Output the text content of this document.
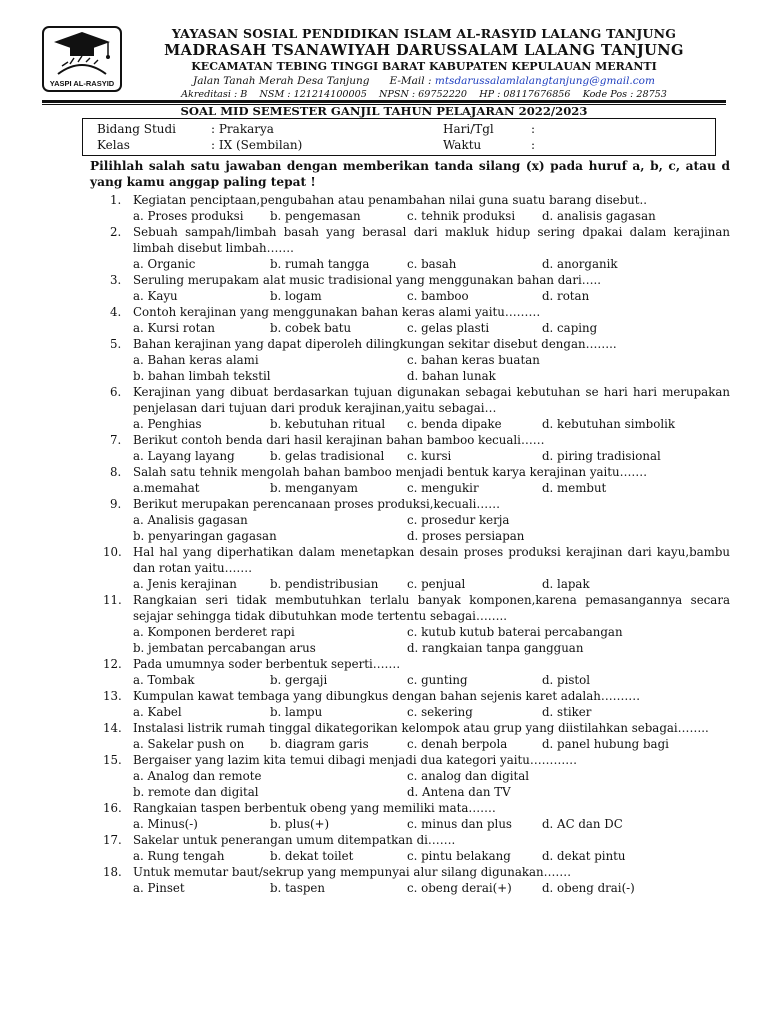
YASPI AL-RASYID
YAYASAN SOSIAL PENDIDIKAN ISLAM AL-RASYID LALANG TANJUNG
MADRASAH TSANAWIYAH DARUSSALAM LALANG TANJUNG
KECAMATAN TEBING TINGGI BARAT KABUPATEN KEPULAUAN MERANTI
Jalan Tanah Merah Desa Tanjung E-Mail : mtsdarussalamlalangtanjung@gmail.com
Akreditasi : B    NSM : 121214100005    NPSN : 69752220    HP : 08117676856    Kode Pos : 28753
SOAL MID SEMESTER GANJIL TAHUN PELAJARAN 2022/2023
Bidang Studi	: Prakarya	Hari/Tgl	:
Kelas	: IX (Sembilan)	Waktu	:
Pilihlah salah satu jawaban dengan memberikan tanda silang (x) pada huruf a, b, c, atau d yang kamu anggap paling tepat !
1. Kegiatan penciptaan,pengubahan atau penambahan nilai guna suatu barang disebut..
a. Proses produksi b. pengemasan	c. tehnik produksi d. analisis gagasan
2. Sebuah sampah/limbah basah yang berasal dari makluk hidup sering dpakai dalam kerajinan limbah disebut limbah…….
a. Organic	b. rumah tangga	c. basah	d. anorganik
3. Seruling merupakam alat music tradisional yang menggunakan bahan dari…..
a. Kayu	b. logam	c. bamboo	d. rotan
4. Contoh kerajinan yang menggunakan bahan keras alami yaitu………
a. Kursi rotan	b. cobek batu	c. gelas plasti	d. caping
5. Bahan kerajinan yang dapat diperoleh dilingkungan sekitar disebut dengan……..
a. Bahan keras alami	c. bahan keras buatan
b. bahan limbah tekstil	d. bahan lunak
6. Kerajinan yang dibuat berdasarkan tujuan digunakan sebagai kebutuhan se hari hari merupakan penjelasan dari tujuan dari produk kerajinan,yaitu sebagai…
a. Penghias	b. kebutuhan ritual c. benda dipake	d. kebutuhan simbolik
7. Berikut contoh benda dari hasil kerajinan bahan bamboo kecuali……
a. Layang layang	b. gelas tradisional c. kursi	d. piring tradisional
8. Salah satu tehnik mengolah bahan bamboo menjadi bentuk karya kerajinan yaitu…….
a.memahat	b. menganyam	c. mengukir	d. membut
9. Berikut merupakan perencanaan proses produksi,kecuali……
a. Analisis gagasan	c. prosedur kerja
b. penyaringan gagasan	d. proses persiapan
10. Hal hal yang diperhatikan dalam menetapkan desain proses produksi kerajinan dari kayu,bambu dan rotan yaitu…….
a. Jenis kerajinan	b. pendistribusian c. penjual	d. lapak
11. Rangkaian seri tidak membutuhkan terlalu banyak komponen,karena pemasangannya secara sejajar sehingga tidak dibutuhkan mode tertentu sebagai……..
a. Komponen berderet rapi	c. kutub kutub baterai percabangan
b. jembatan percabangan arus	d. rangkaian tanpa gangguan
12. Pada umumnya soder berbentuk seperti…….
a. Tombak	b. gergaji	c. gunting	d. pistol
13. Kumpulan kawat tembaga yang dibungkus dengan bahan sejenis karet adalah……….
a. Kabel	b. lampu	c. sekering	d. stiker
14. Instalasi listrik rumah tinggal dikategorikan kelompok atau grup yang diistilahkan sebagai……..
a. Sakelar push on b. diagram garis	c. denah berpola	d. panel hubung bagi
15. Bergaiser yang lazim kita temui dibagi menjadi dua kategori yaitu…………
a. Analog dan remote	c. analog dan digital
b. remote dan digital	d. Antena dan TV
16. Rangkaian taspen berbentuk obeng yang memiliki mata…….
a. Minus(-)	b. plus(+)	c. minus dan plus	d. AC dan DC
17. Sakelar untuk penerangan umum ditempatkan di…….
a. Rung tengah	b. dekat toilet	c. pintu belakang	d. dekat pintu
18. Untuk memutar baut/sekrup yang mempunyai alur silang digunakan…….
a. Pinset	b. taspen	c. obeng derai(+)	d. obeng drai(-)
